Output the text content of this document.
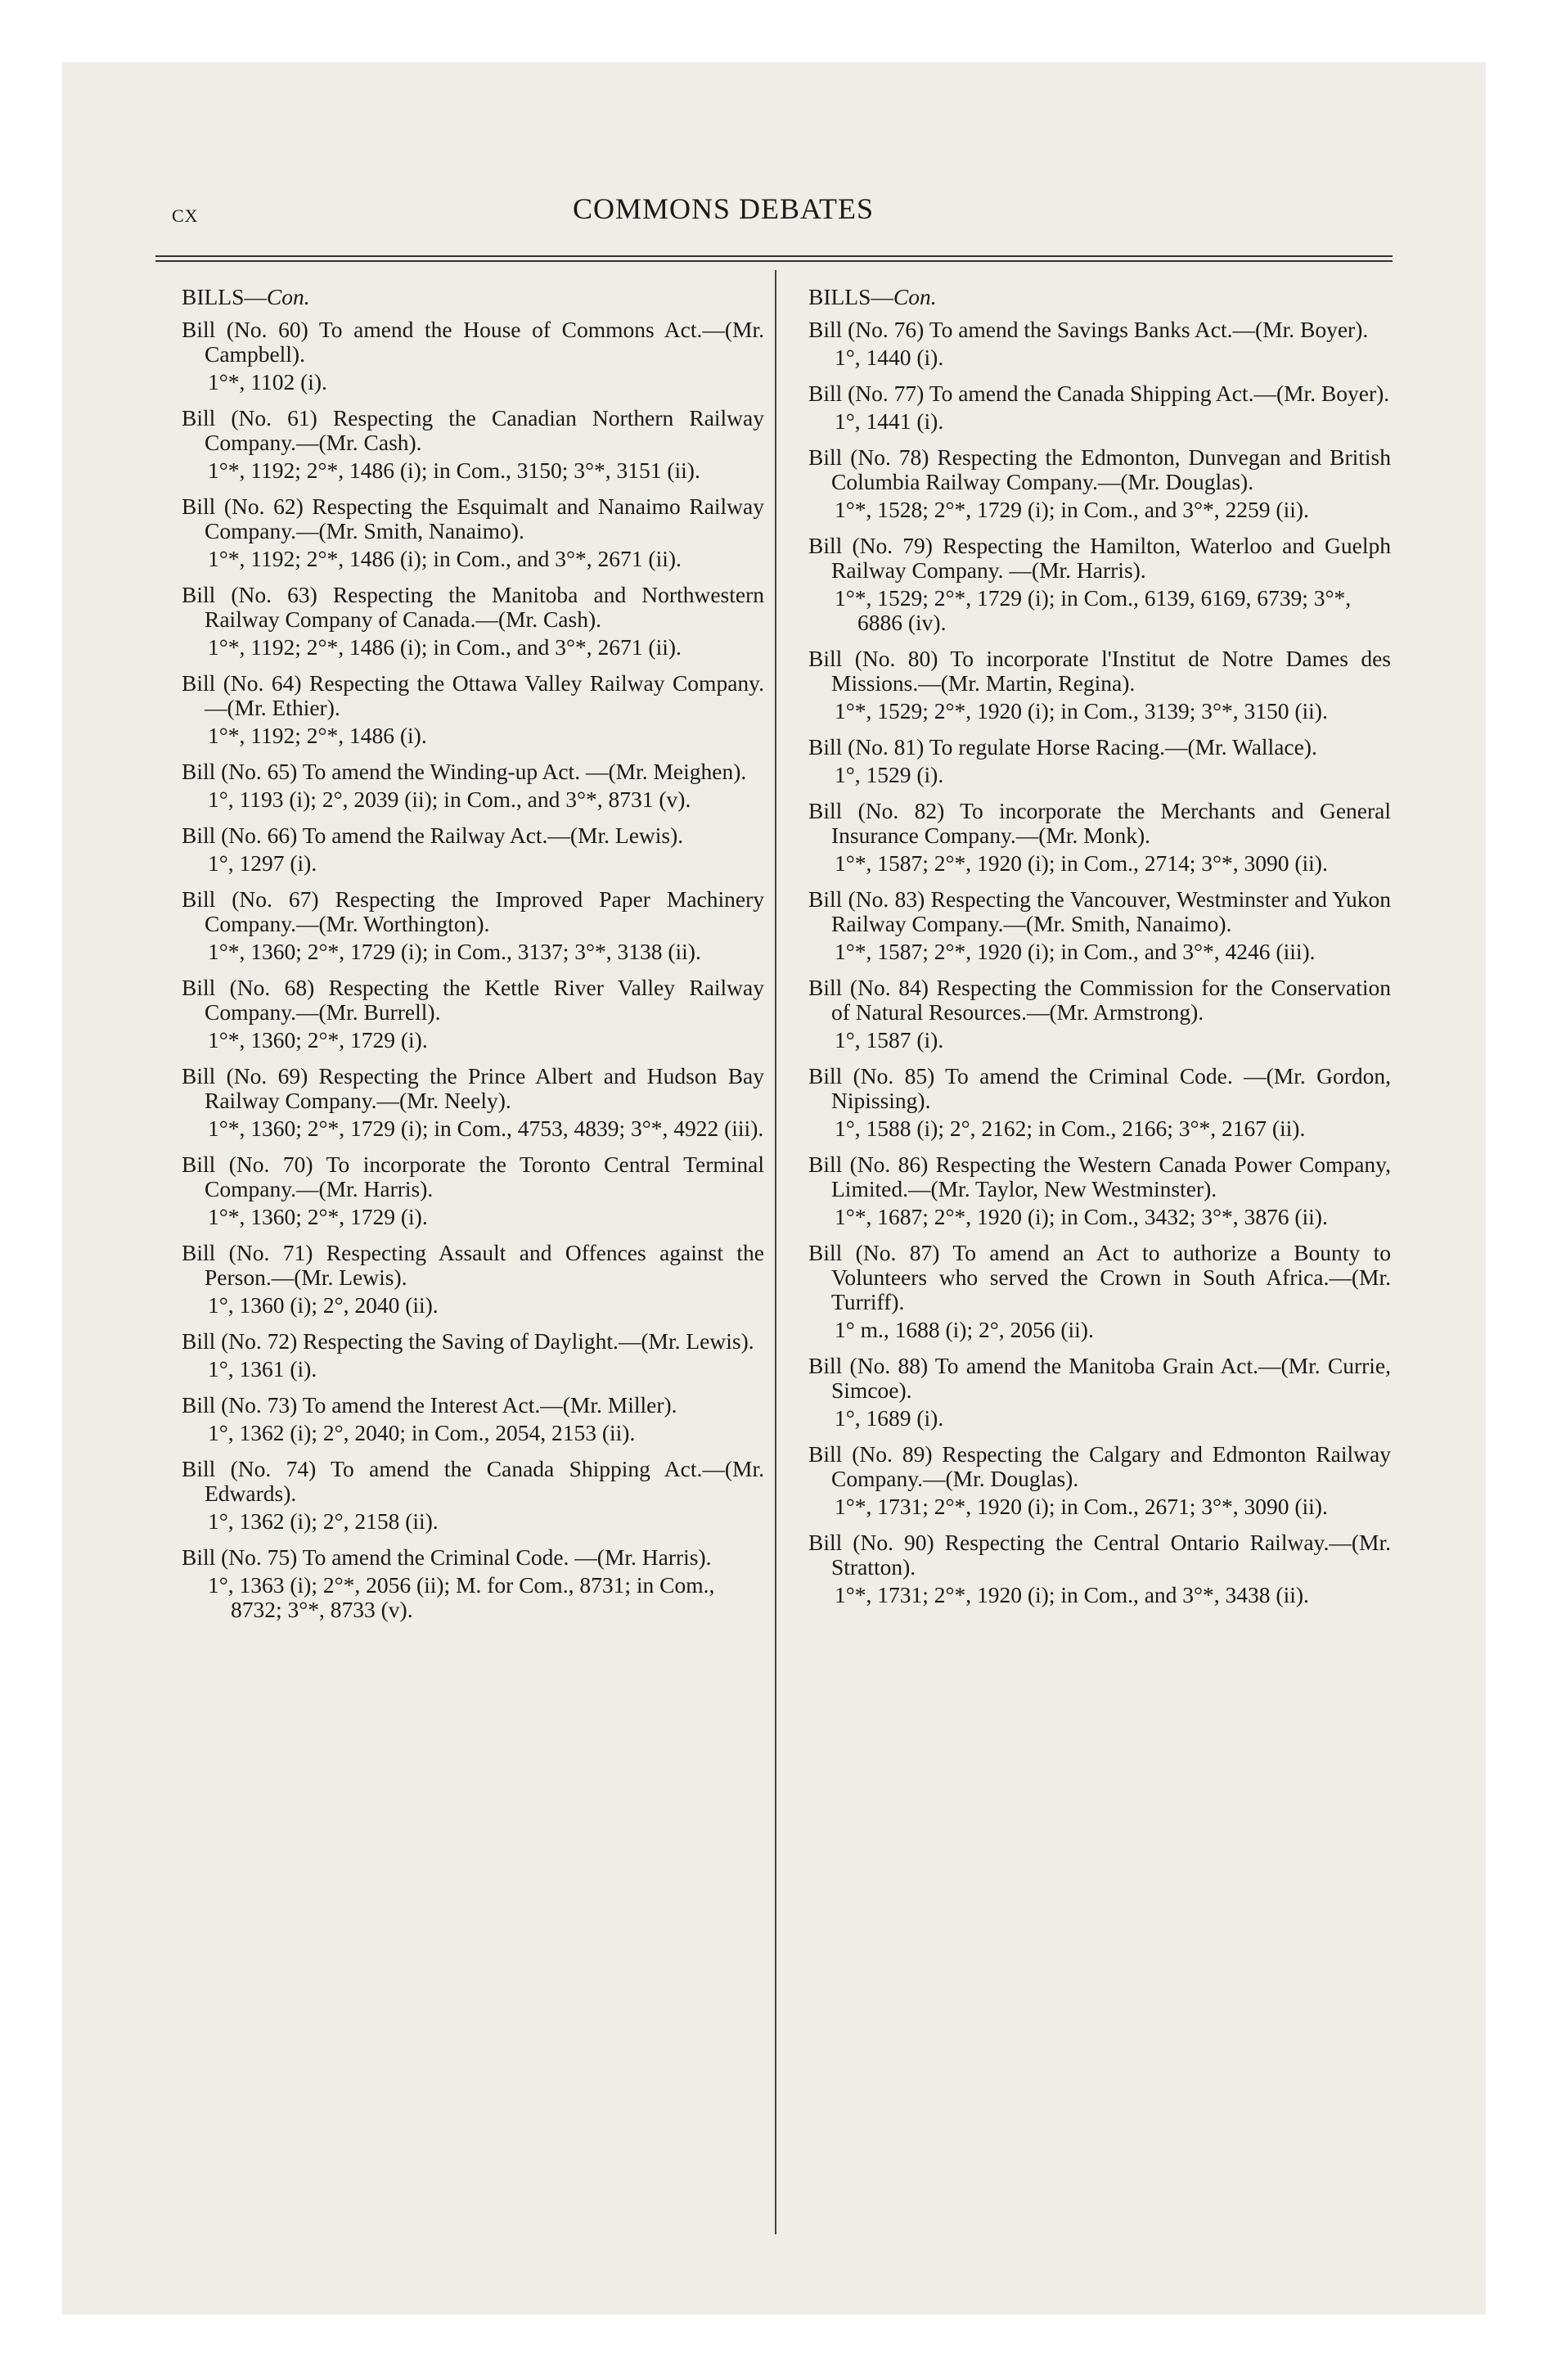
cx	COMMONS DEBATES
BILLS—Con.

Bill (No. 60) To amend the House of Commons Act.—(Mr. Campbell).

1°*, 1102 (i).

Bill (No. 61) Respecting the Canadian Northern Railway Company.—(Mr. Cash).

1°*, 1192; 2°*, 1486 (i); in Com., 3150; 3°*, 3151 (ii).

Bill (No. 62) Respecting the Esquimalt and Nanaimo Railway Company.—(Mr. Smith, Nanaimo).

1°*, 1192; 2°*, 1486 (i); in Com., and 3°*, 2671 (ii).

Bill (No. 63) Respecting the Manitoba and Northwestern Railway Company of Canada.—(Mr. Cash).

1°*, 1192; 2°*, 1486 (i); in Com., and 3°*, 2671 (ii).

Bill (No. 64) Respecting the Ottawa Valley Railway Company.—(Mr. Ethier).

1°*, 1192; 2°*, 1486 (i).

Bill (No. 65) To amend the Winding-up Act. —(Mr. Meighen).

1°, 1193 (i); 2°, 2039 (ii); in Com., and 3°*, 8731 (v).

Bill (No. 66) To amend the Railway Act.—(Mr. Lewis).

1°, 1297 (i).

Bill (No. 67) Respecting the Improved Paper Machinery Company.—(Mr. Worthington).

1°*, 1360; 2°*, 1729 (i); in Com., 3137; 3°*, 3138 (ii).

Bill (No. 68) Respecting the Kettle River Valley Railway Company.—(Mr. Burrell).

1°*, 1360; 2°*, 1729 (i).

Bill (No. 69) Respecting the Prince Albert and Hudson Bay Railway Company.—(Mr. Neely).

1°*, 1360; 2°*, 1729 (i); in Com., 4753, 4839; 3°*, 4922 (iii).

Bill (No. 70) To incorporate the Toronto Central Terminal Company.—(Mr. Harris).

1°*, 1360; 2°*, 1729 (i).

Bill (No. 71) Respecting Assault and Offences against the Person.—(Mr. Lewis).

1°, 1360 (i); 2°, 2040 (ii).

Bill (No. 72) Respecting the Saving of Daylight.—(Mr. Lewis).

1°, 1361 (i).

Bill (No. 73) To amend the Interest Act.—(Mr. Miller).

1°, 1362 (i); 2°, 2040; in Com., 2054, 2153 (ii).

Bill (No. 74) To amend the Canada Shipping Act.—(Mr. Edwards).

1°, 1362 (i); 2°, 2158 (ii).

Bill (No. 75) To amend the Criminal Code. —(Mr. Harris).

1°, 1363 (i); 2°*, 2056 (ii); M. for Com., 8731; in Com., 8732; 3°*, 8733 (v).

BILLS—Con.

Bill (No. 76) To amend the Savings Banks Act.—(Mr. Boyer).

1°, 1440 (i).

Bill (No. 77) To amend the Canada Shipping Act.—(Mr. Boyer).

1°, 1441 (i).

Bill (No. 78) Respecting the Edmonton, Dunvegan and British Columbia Railway Company.—(Mr. Douglas).

1°*, 1528; 2°*, 1729 (i); in Com., and 3°*, 2259 (ii).

Bill (No. 79) Respecting the Hamilton, Waterloo and Guelph Railway Company. —(Mr. Harris).

1°*, 1529; 2°*, 1729 (i); in Com., 6139, 6169, 6739; 3°*, 6886 (iv).

Bill (No. 80) To incorporate l'Institut de Notre Dames des Missions.—(Mr. Martin, Regina).

1°*, 1529; 2°*, 1920 (i); in Com., 3139; 3°*, 3150 (ii).

Bill (No. 81) To regulate Horse Racing.—(Mr. Wallace).

1°, 1529 (i).

Bill (No. 82) To incorporate the Merchants and General Insurance Company.—(Mr. Monk).

1°*, 1587; 2°*, 1920 (i); in Com., 2714; 3°*, 3090 (ii).

Bill (No. 83) Respecting the Vancouver, Westminster and Yukon Railway Company.—(Mr. Smith, Nanaimo).

1°*, 1587; 2°*, 1920 (i); in Com., and 3°*, 4246 (iii).

Bill (No. 84) Respecting the Commission for the Conservation of Natural Resources.—(Mr. Armstrong).

1°, 1587 (i).

Bill (No. 85) To amend the Criminal Code. —(Mr. Gordon, Nipissing).

1°, 1588 (i); 2°, 2162; in Com., 2166; 3°*, 2167 (ii).

Bill (No. 86) Respecting the Western Canada Power Company, Limited.—(Mr. Taylor, New Westminster).

1°*, 1687; 2°*, 1920 (i); in Com., 3432; 3°*, 3876 (ii).

Bill (No. 87) To amend an Act to authorize a Bounty to Volunteers who served the Crown in South Africa.—(Mr. Turriff).

1° m., 1688 (i); 2°, 2056 (ii).

Bill (No. 88) To amend the Manitoba Grain Act.—(Mr. Currie, Simcoe).

1°, 1689 (i).

Bill (No. 89) Respecting the Calgary and Edmonton Railway Company.—(Mr. Douglas).

1°*, 1731; 2°*, 1920 (i); in Com., 2671; 3°*, 3090 (ii).

Bill (No. 90) Respecting the Central Ontario Railway.—(Mr. Stratton).

1°*, 1731; 2°*, 1920 (i); in Com., and 3°*, 3438 (ii).
